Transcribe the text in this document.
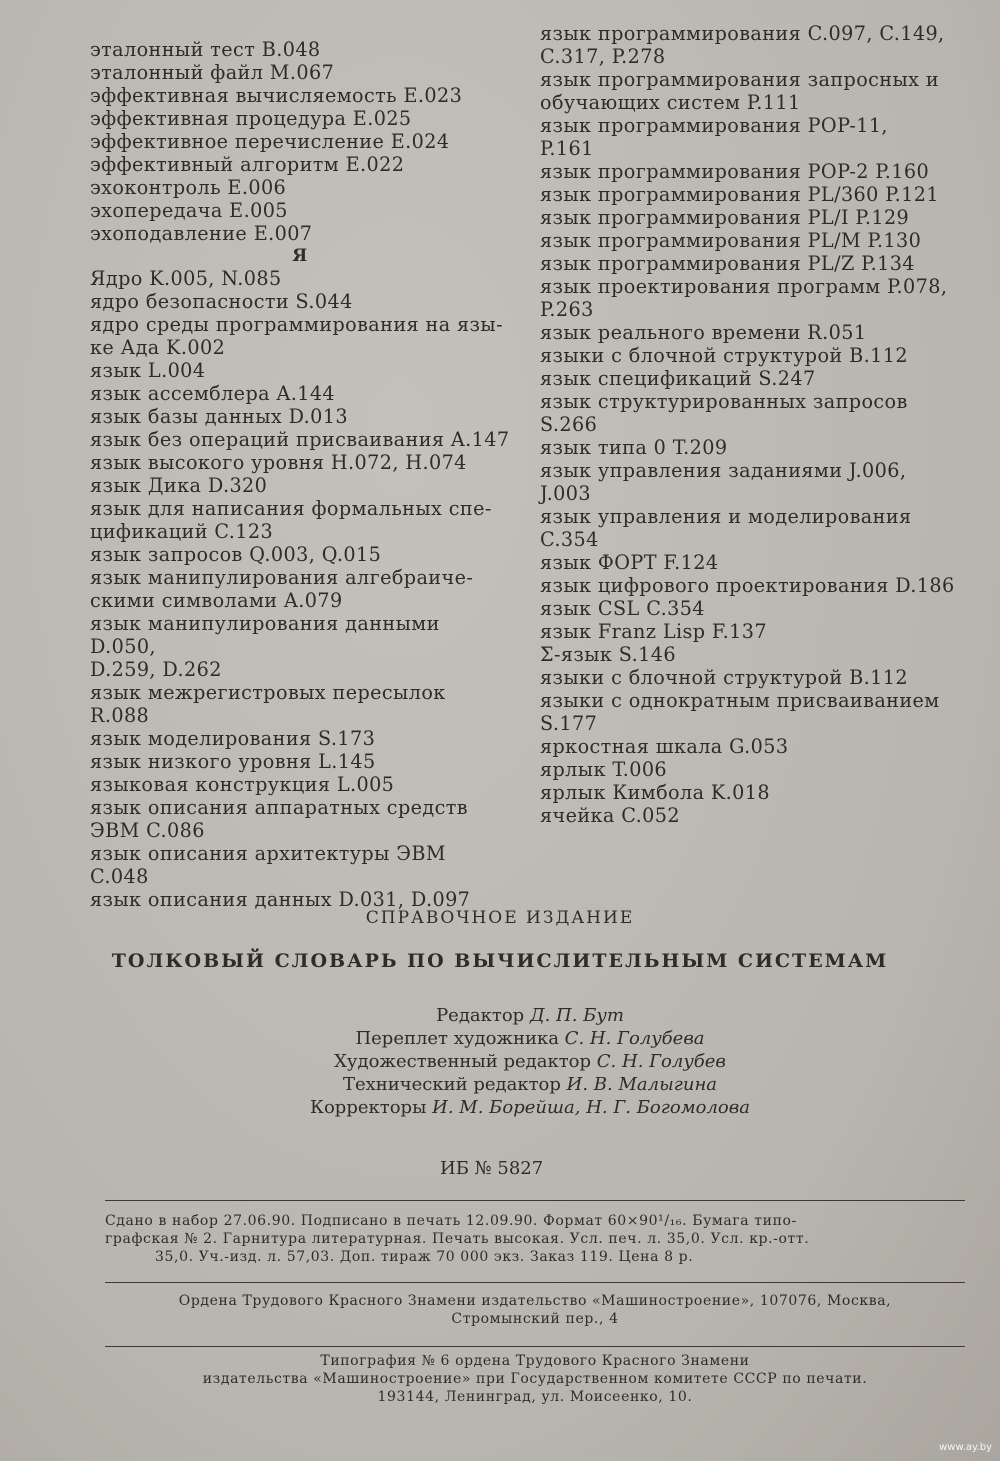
эталонный тест B.048
эталонный файл M.067
эффективная вычисляемость E.023
эффективная процедура E.025
эффективное перечисление E.024
эффективный алгоритм E.022
эхоконтроль E.006
эхопередача E.005
эхоподавление E.007
Я
Ядро K.005, N.085
ядро безопасности S.044
ядро среды программирования на язы-
ке Ада K.002
язык L.004
язык ассемблера A.144
язык базы данных D.013
язык без операций присваивания A.147
язык высокого уровня H.072, H.074
язык Дика D.320
язык для написания формальных спе-
цификаций C.123
язык запросов Q.003, Q.015
язык манипулирования алгебраиче-
скими символами A.079
язык манипулирования данными D.050,
D.259, D.262
язык межрегистровых пересылок R.088
язык моделирования S.173
язык низкого уровня L.145
языковая конструкция L.005
язык описания аппаратных средств
ЭВМ C.086
язык описания архитектуры ЭВМ C.048
язык описания данных D.031, D.097
язык программирования C.097, C.149,
C.317, P.278
язык программирования запросных и
обучающих систем P.111
язык программирования POP-11,
P.161
язык программирования POP-2 P.160
язык программирования PL/360 P.121
язык программирования PL/I P.129
язык программирования PL/M P.130
язык программирования PL/Z P.134
язык проектирования программ P.078,
P.263
язык реального времени R.051
языки с блочной структурой B.112
язык спецификаций S.247
язык структурированных запросов
S.266
язык типа 0 T.209
язык управления заданиями J.006,
J.003
язык управления и моделирования
C.354
язык ФОРТ F.124
язык цифрового проектирования D.186
язык CSL C.354
язык Franz Lisp F.137
Σ-язык S.146
языки с блочной структурой B.112
языки с однократным присваиванием
S.177
яркостная шкала G.053
ярлык T.006
ярлык Кимбола K.018
ячейка C.052
СПРАВОЧНОЕ ИЗДАНИЕ
ТОЛКОВЫЙ СЛОВАРЬ ПО ВЫЧИСЛИТЕЛЬНЫМ СИСТЕМАМ
Редактор Д. П. Бут
Переплет художника С. Н. Голубева
Художественный редактор С. Н. Голубев
Технический редактор И. В. Малыгина
Корректоры И. М. Борейша, Н. Г. Богомолова
ИБ № 5827
Сдано в набор 27.06.90. Подписано в печать 12.09.90. Формат 60×90¹/₁₆. Бумага типо-
графская № 2. Гарнитура литературная. Печать высокая. Усл. печ. л. 35,0. Усл. кр.-отт.
35,0. Уч.-изд. л. 57,03. Доп. тираж 70 000 экз. Заказ 119. Цена 8 р.
Ордена Трудового Красного Знамени издательство «Машиностроение», 107076, Москва,
Стромынский пер., 4
Типография № 6 ордена Трудового Красного Знамени
издательства «Машиностроение» при Государственном комитете СССР по печати.
193144, Ленинград, ул. Моисеенко, 10.
www.ay.by
